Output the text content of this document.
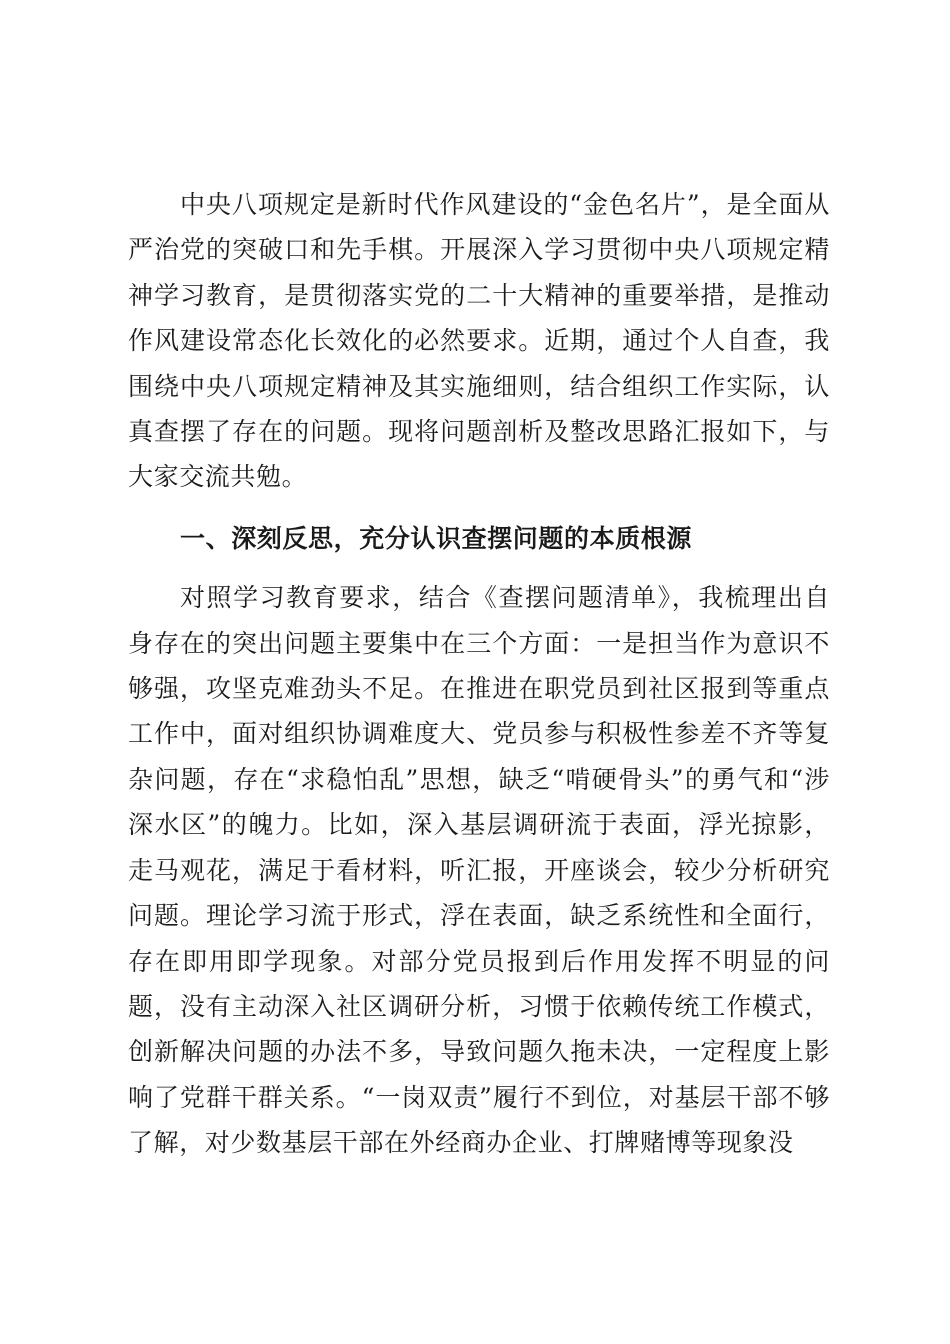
中央八项规定是新时代作风建设的“金色名片”，是全面从严治党的突破口和先手棋。开展深入学习贯彻中央八项规定精神学习教育，是贯彻落实党的二十大精神的重要举措，是推动作风建设常态化长效化的必然要求。近期，通过个人自查，我围绕中央八项规定精神及其实施细则，结合组织工作实际，认真查摆了存在的问题。现将问题剖析及整改思路汇报如下，与大家交流共勉。

一、深刻反思，充分认识查摆问题的本质根源

对照学习教育要求，结合《查摆问题清单》，我梳理出自身存在的突出问题主要集中在三个方面：一是担当作为意识不够强，攻坚克难劲头不足。在推进在职党员到社区报到等重点工作中，面对组织协调难度大、党员参与积极性参差不齐等复杂问题，存在“求稳怕乱”思想，缺乏“啃硬骨头”的勇气和“涉深水区”的魄力。比如，深入基层调研流于表面，浮光掠影，走马观花，满足于看材料，听汇报，开座谈会，较少分析研究问题。理论学习流于形式，浮在表面，缺乏系统性和全面行，存在即用即学现象。对部分党员报到后作用发挥不明显的问题，没有主动深入社区调研分析，习惯于依赖传统工作模式，创新解决问题的办法不多，导致问题久拖未决，一定程度上影响了党群干群关系。“一岗双责”履行不到位，对基层干部不够了解，对少数基层干部在外经商办企业、打牌赌博等现象没
